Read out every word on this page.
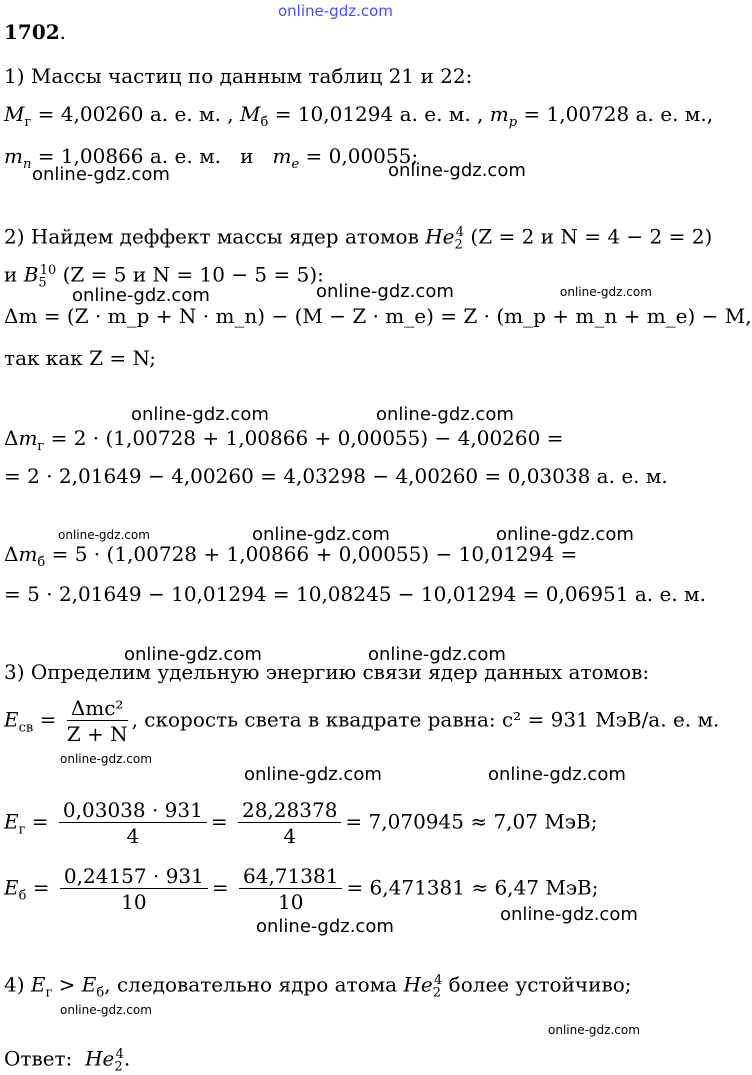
online-gdz.com
online-gdz.com	online-gdz.com
online-gdz.com	online-gdz.com	online-gdz.com
online-gdz.com	online-gdz.com
online-gdz.com	online-gdz.com	online-gdz.com
online-gdz.com	online-gdz.com
online-gdz.com
online-gdz.com	online-gdz.com
online-gdz.com
online-gdz.com
online-gdz.com
online-gdz.com
1702.
1) Массы частиц по данным таблиц 21 и 22:
$M_г = 4,00260$ а. е. м. , $M_б = 10,01294$ а. е. м. , $m_p = 1,00728$ а. е. м.,
$m_n = 1,00866$ а. е. м. и $m_e = 0,00055$;
2) Найдем деффект массы ядер атомов $He_2^4$ (Z = 2 и N = 4 − 2 = 2)
и $B_5^{10}$ (Z = 5 и N = 10 − 5 = 5):
Δm = (Z · m_p + N · m_n) − (M − Z · m_e) = Z · (m_p + m_n + m_e) − M,
так как Z = N;
$\Delta m_г = 2 \cdot (1,00728 + 1,00866 + 0,00055) - 4,00260$ =
= 2 · 2,01649 − 4,00260 = 4,03298 − 4,00260 = 0,03038 а. е. м.
$\Delta m_б = 5 \cdot (1,00728 + 1,00866 + 0,00055) - 10,01294$ =
= 5 · 2,01649 − 10,01294 = 10,08245 − 10,01294 = 0,06951 а. е. м.
3) Определим удельную энергию связи ядер данных атомов:
$E_{св} = \frac{\text{Δmc²}}{Z + N}$ , скорость света в квадрате равна: c² = 931 МэВ/а. е. м.
$E_г = \frac{0,03038 \cdot 931}{4} = \frac{28,28378}{4} = 7,070945 \approx 7,07$ МэВ;
$E_б = \frac{0,24157 \cdot 931}{10} = \frac{64,71381}{10} = 6,471381 \approx 6,47$ МэВ;
4) $E_г > E_б$, следовательно ядро атома $He_2^4$ более устойчиво;
Ответ: $He_2^4$.
